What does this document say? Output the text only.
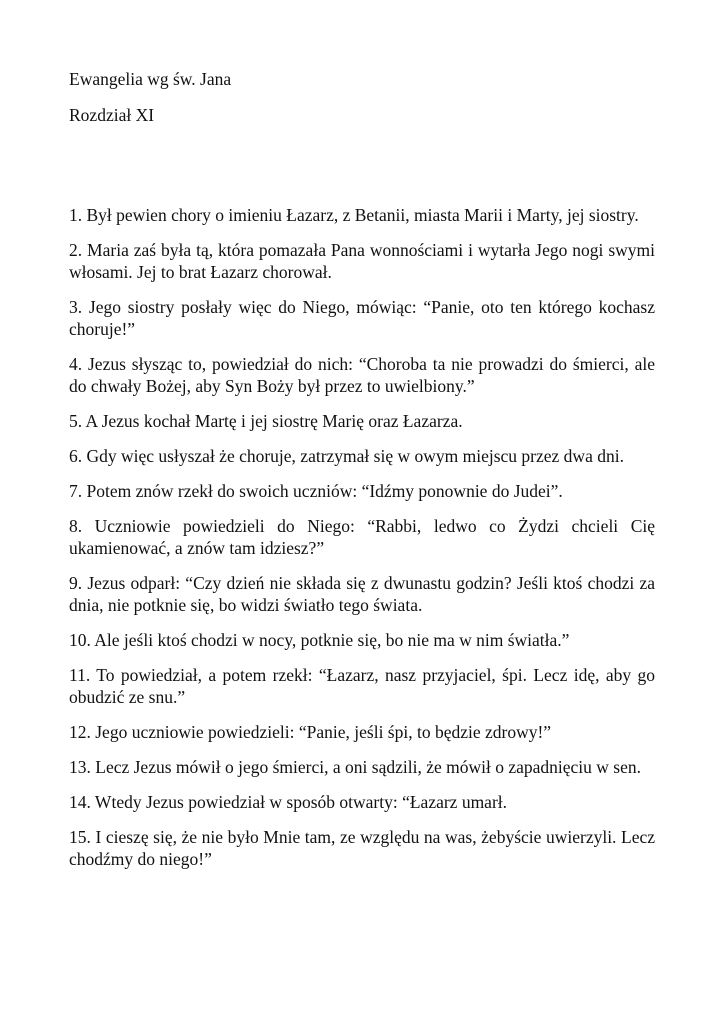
Ewangelia wg św. Jana

Rozdział XI

1. Był pewien chory o imieniu Łazarz, z Betanii, miasta Marii i Marty, jej siostry.

2. Maria zaś była tą, która pomazała Pana wonnościami i wytarła Jego nogi swymi włosami. Jej to brat Łazarz chorował.

3. Jego siostry posłały więc do Niego, mówiąc: “Panie, oto ten którego kochasz choruje!”

4. Jezus słysząc to, powiedział do nich: “Choroba ta nie prowadzi do śmierci, ale do chwały Bożej, aby Syn Boży był przez to uwielbiony.”

5. A Jezus kochał Martę i jej siostrę Marię oraz Łazarza.

6. Gdy więc usłyszał że choruje, zatrzymał się w owym miejscu przez dwa dni.

7. Potem znów rzekł do swoich uczniów: “Idźmy ponownie do Judei”.

8. Uczniowie powiedzieli do Niego: “Rabbi, ledwo co Żydzi chcieli Cię ukamienować, a znów tam idziesz?”

9. Jezus odparł: “Czy dzień nie składa się z dwunastu godzin? Jeśli ktoś chodzi za dnia, nie potknie się, bo widzi światło tego świata.

10. Ale jeśli ktoś chodzi w nocy, potknie się, bo nie ma w nim światła.”

11. To powiedział, a potem rzekł: “Łazarz, nasz przyjaciel, śpi. Lecz idę, aby go obudzić ze snu.”

12. Jego uczniowie powiedzieli: “Panie, jeśli śpi, to będzie zdrowy!”

13. Lecz Jezus mówił o jego śmierci, a oni sądzili, że mówił o zapadnięciu w sen.

14. Wtedy Jezus powiedział w sposób otwarty: “Łazarz umarł.

15. I cieszę się, że nie było Mnie tam, ze względu na was, żebyście uwierzyli. Lecz chodźmy do niego!”
